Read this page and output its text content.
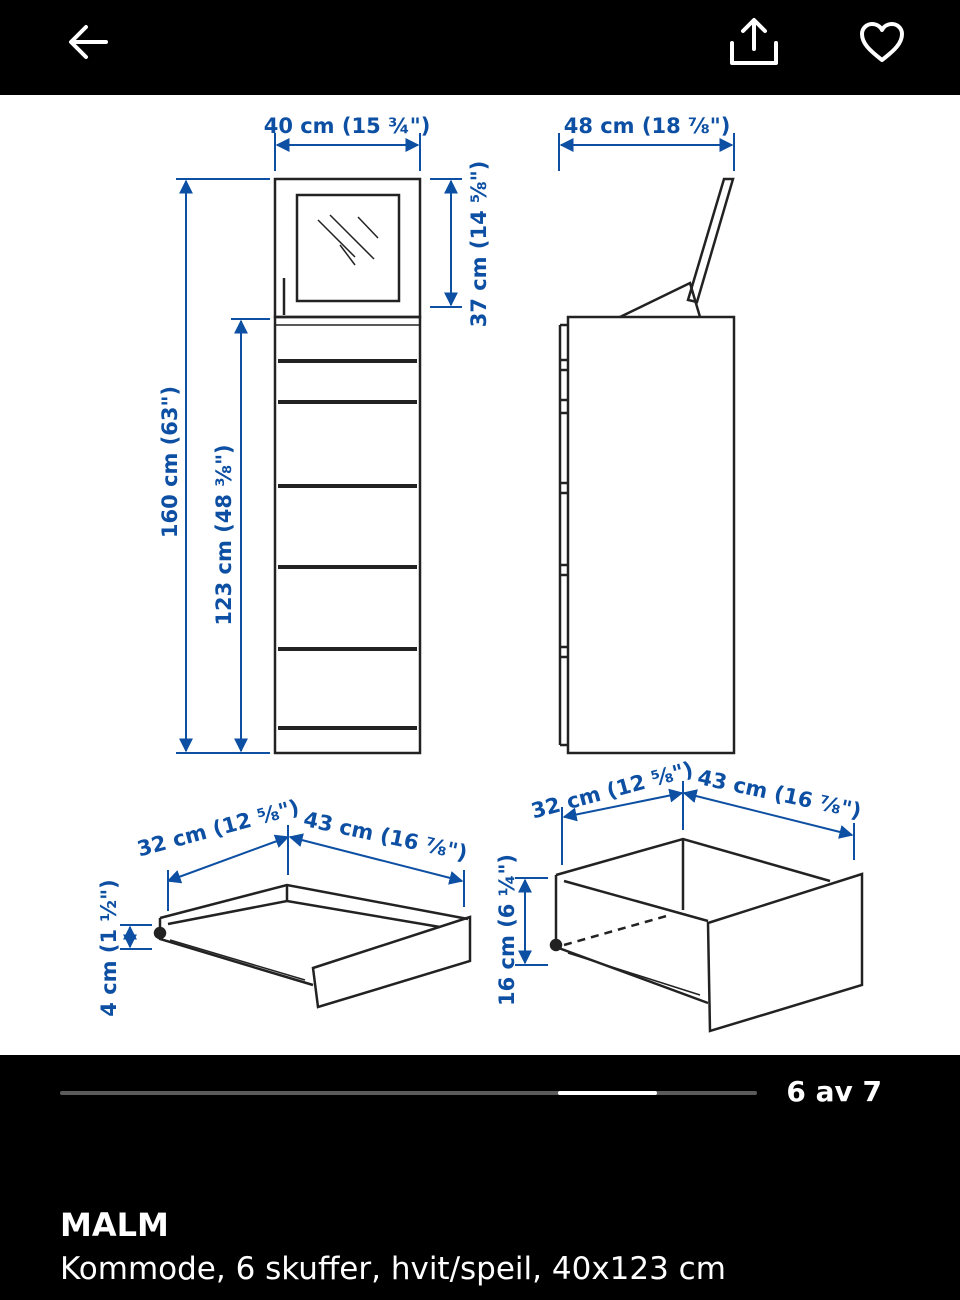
40 cm (15 ¾")	48 cm (18 ⅞")
37 cm (14 ⅝")
160 cm (63") 123 cm (48 ⅜")
32 cm (12 ⅝") 43 cm (16 ⅞")
4 cm (1 ½")
32 cm (12 ⅝") 43 cm (16 ⅞")
16 cm (6 ¼")
6 av 7
MALM
Kommode, 6 skuffer, hvit/speil, 40x123 cm
